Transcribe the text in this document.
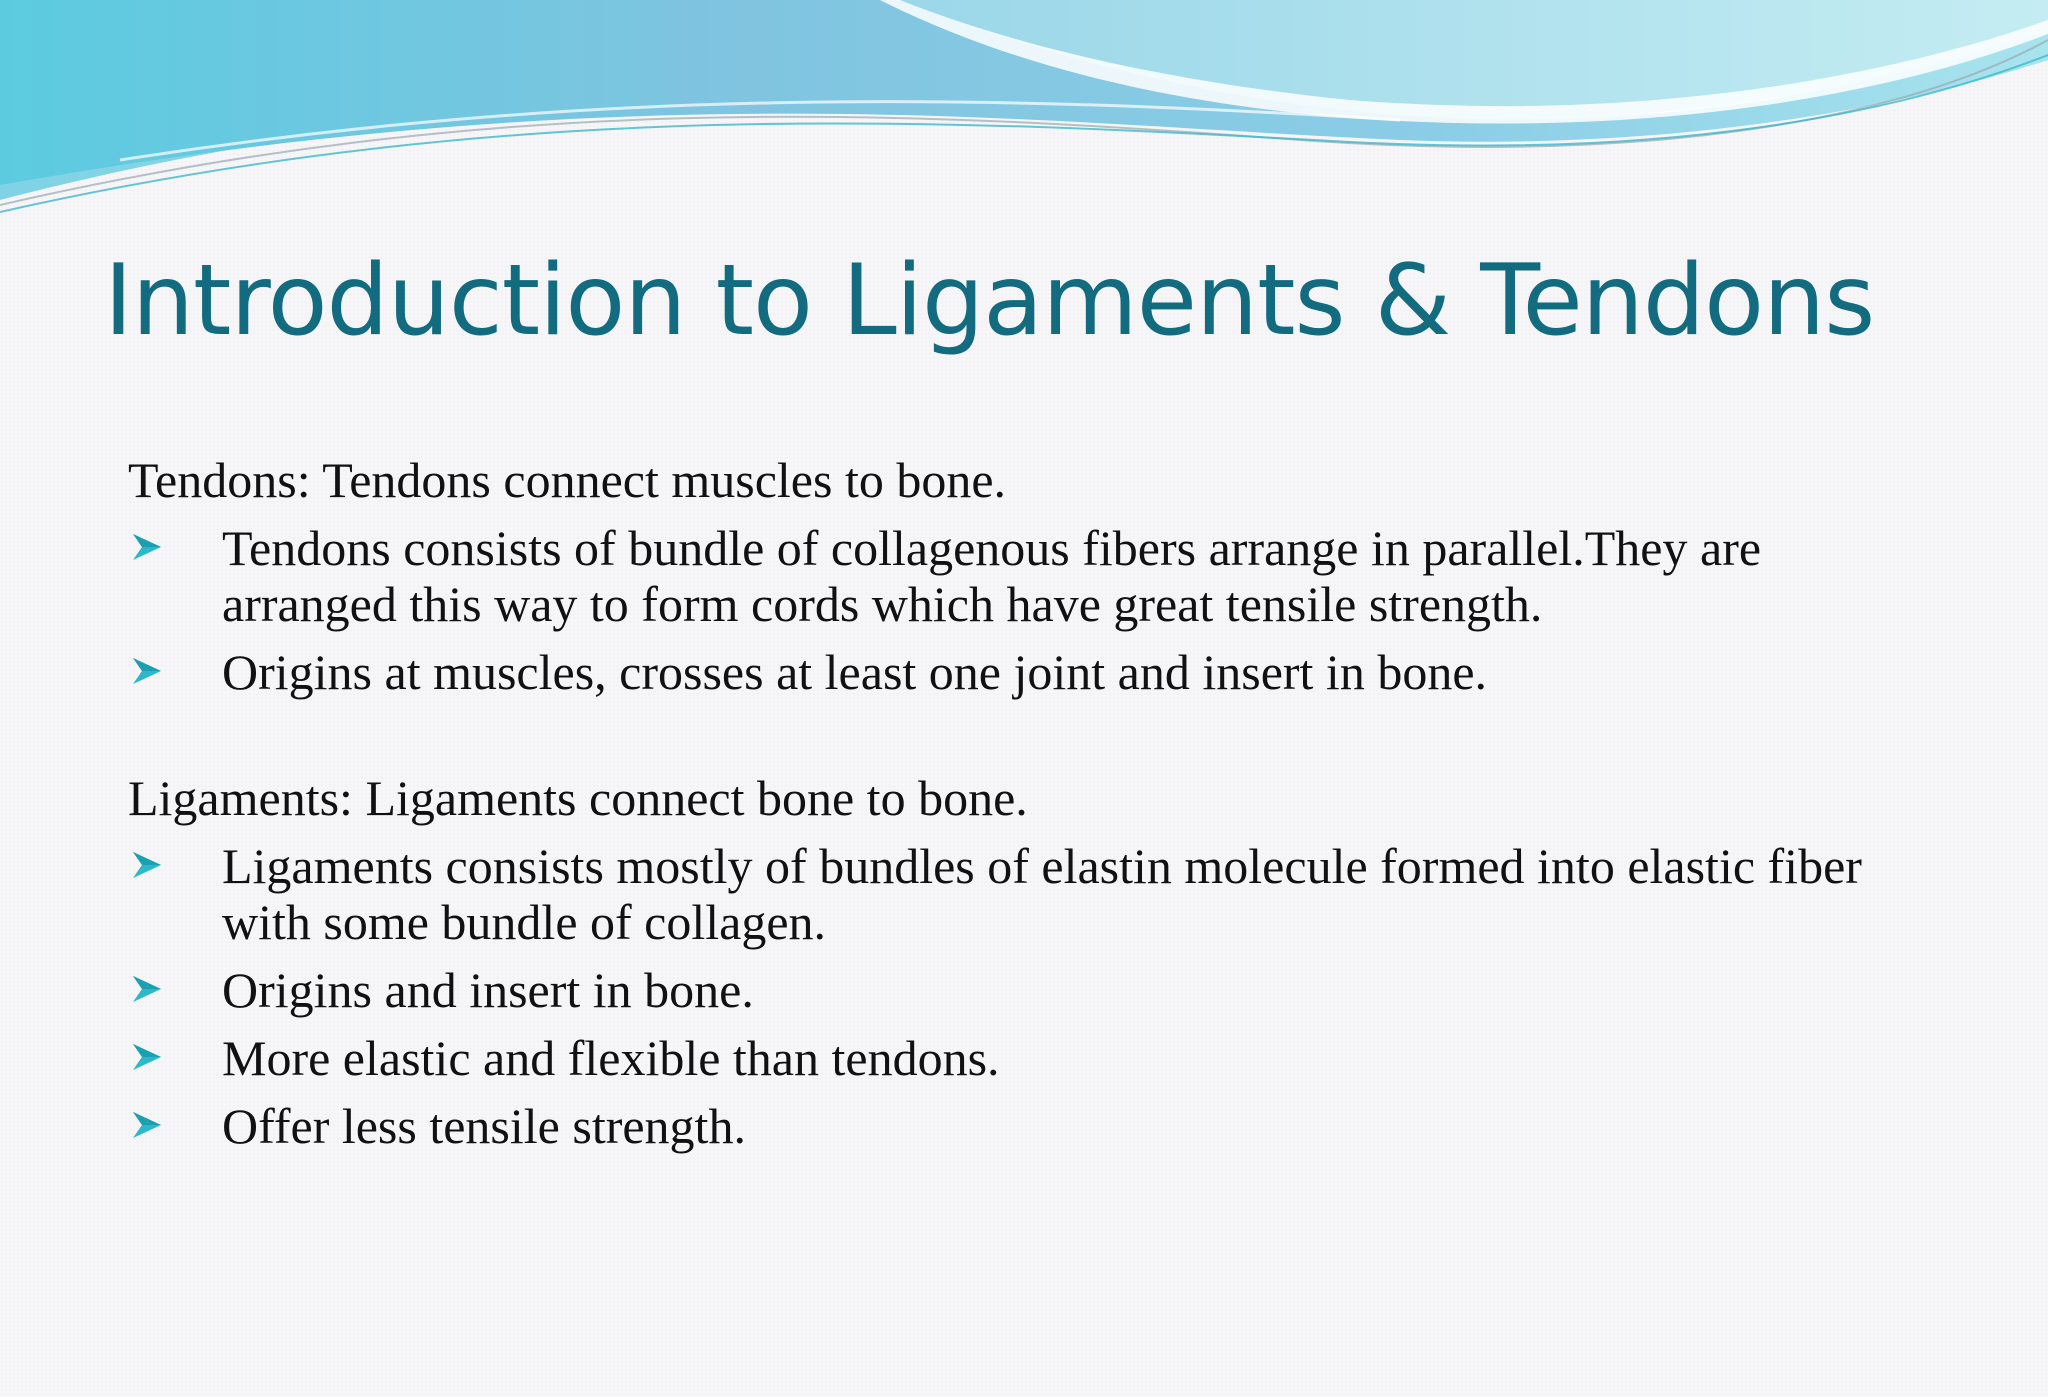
Introduction to Ligaments & Tendons

Tendons: Tendons connect muscles to bone.

Tendons consists of bundle of collagenous fibers arrange in parallel.They are arranged this way to form cords which have great tensile strength.
Origins at muscles, crosses at least one joint and insert in bone.

Ligaments: Ligaments connect bone to bone.

Ligaments consists mostly of bundles of elastin molecule formed into elastic fiber with some bundle of collagen.
Origins and insert in bone.
More elastic and flexible than tendons.
Offer less tensile strength.
